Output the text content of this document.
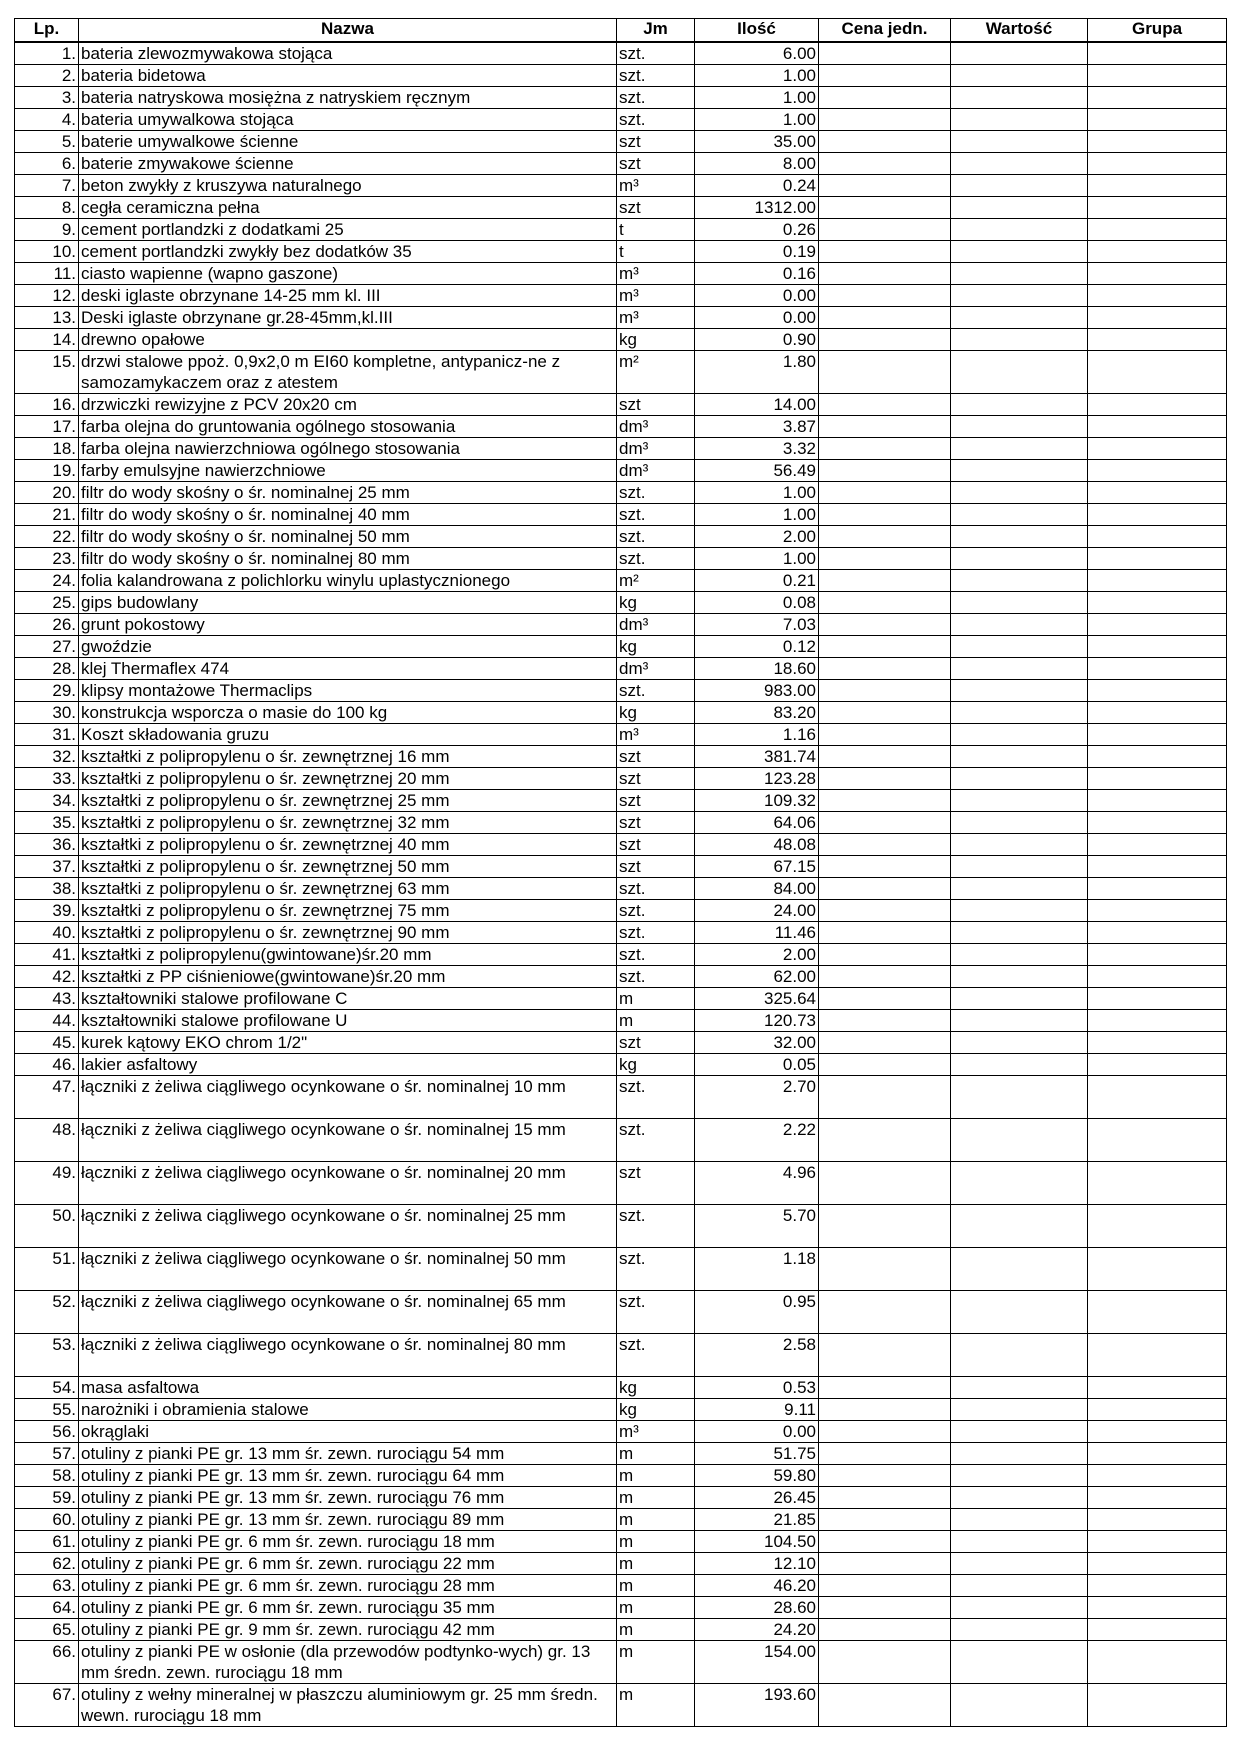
Lp.	Nazwa	Jm	Ilość	Cena jedn.	Wartość	Grupa
1.	bateria zlewozmywakowa stojąca	szt.	6.00			
2.	bateria bidetowa	szt.	1.00			
3.	bateria natryskowa mosiężna z natryskiem ręcznym	szt.	1.00			
4.	bateria umywalkowa stojąca	szt.	1.00			
5.	baterie umywalkowe ścienne	szt	35.00			
6.	baterie zmywakowe ścienne	szt	8.00			
7.	beton zwykły z kruszywa naturalnego	m³	0.24			
8.	cegła ceramiczna pełna	szt	1312.00			
9.	cement portlandzki z dodatkami 25	t	0.26			
10.	cement portlandzki zwykły bez dodatków 35	t	0.19			
11.	ciasto wapienne (wapno gaszone)	m³	0.16			
12.	deski iglaste obrzynane 14-25 mm kl. III	m³	0.00			
13.	Deski iglaste obrzynane gr.28-45mm,kl.III	m³	0.00			
14.	drewno opałowe	kg	0.90			
15.	drzwi stalowe ppoż. 0,9x2,0 m EI60 kompletne, antypanicz-ne z samozamykaczem oraz z atestem	m²	1.80			
16.	drzwiczki rewizyjne z PCV 20x20 cm	szt	14.00			
17.	farba olejna do gruntowania ogólnego stosowania	dm³	3.87			
18.	farba olejna nawierzchniowa ogólnego stosowania	dm³	3.32			
19.	farby emulsyjne nawierzchniowe	dm³	56.49			
20.	filtr do wody skośny o śr. nominalnej 25 mm	szt.	1.00			
21.	filtr do wody skośny o śr. nominalnej 40 mm	szt.	1.00			
22.	filtr do wody skośny o śr. nominalnej 50 mm	szt.	2.00			
23.	filtr do wody skośny o śr. nominalnej 80 mm	szt.	1.00			
24.	folia kalandrowana z polichlorku winylu uplastycznionego	m²	0.21			
25.	gips budowlany	kg	0.08			
26.	grunt pokostowy	dm³	7.03			
27.	gwoździe	kg	0.12			
28.	klej Thermaflex 474	dm³	18.60			
29.	klipsy montażowe Thermaclips	szt.	983.00			
30.	konstrukcja wsporcza o masie do 100 kg	kg	83.20			
31.	Koszt składowania gruzu	m³	1.16			
32.	kształtki z polipropylenu o śr. zewnętrznej 16 mm	szt	381.74			
33.	kształtki z polipropylenu o śr. zewnętrznej 20 mm	szt	123.28			
34.	kształtki z polipropylenu o śr. zewnętrznej 25 mm	szt	109.32			
35.	kształtki z polipropylenu o śr. zewnętrznej 32 mm	szt	64.06			
36.	kształtki z polipropylenu o śr. zewnętrznej 40 mm	szt	48.08			
37.	kształtki z polipropylenu o śr. zewnętrznej 50 mm	szt	67.15			
38.	kształtki z polipropylenu o śr. zewnętrznej 63 mm	szt.	84.00			
39.	kształtki z polipropylenu o śr. zewnętrznej 75 mm	szt.	24.00			
40.	kształtki z polipropylenu o śr. zewnętrznej 90 mm	szt.	11.46			
41.	kształtki z polipropylenu(gwintowane)śr.20 mm	szt.	2.00			
42.	kształtki z PP ciśnieniowe(gwintowane)śr.20 mm	szt.	62.00			
43.	kształtowniki stalowe profilowane C	m	325.64			
44.	kształtowniki stalowe profilowane U	m	120.73			
45.	kurek kątowy EKO chrom 1/2"	szt	32.00			
46.	lakier asfaltowy	kg	0.05			
47.	łączniki z żeliwa ciągliwego ocynkowane o śr. nominalnej 10 mm	szt.	2.70			
48.	łączniki z żeliwa ciągliwego ocynkowane o śr. nominalnej 15 mm	szt.	2.22			
49.	łączniki z żeliwa ciągliwego ocynkowane o śr. nominalnej 20 mm	szt	4.96			
50.	łączniki z żeliwa ciągliwego ocynkowane o śr. nominalnej 25 mm	szt.	5.70			
51.	łączniki z żeliwa ciągliwego ocynkowane o śr. nominalnej 50 mm	szt.	1.18			
52.	łączniki z żeliwa ciągliwego ocynkowane o śr. nominalnej 65 mm	szt.	0.95			
53.	łączniki z żeliwa ciągliwego ocynkowane o śr. nominalnej 80 mm	szt.	2.58			
54.	masa asfaltowa	kg	0.53			
55.	narożniki i obramienia stalowe	kg	9.11			
56.	okrąglaki	m³	0.00			
57.	otuliny z pianki PE gr. 13 mm śr. zewn. rurociągu 54 mm	m	51.75			
58.	otuliny z pianki PE gr. 13 mm śr. zewn. rurociągu 64 mm	m	59.80			
59.	otuliny z pianki PE gr. 13 mm śr. zewn. rurociągu 76 mm	m	26.45			
60.	otuliny z pianki PE gr. 13 mm śr. zewn. rurociągu 89 mm	m	21.85			
61.	otuliny z pianki PE gr. 6 mm śr. zewn. rurociągu 18 mm	m	104.50			
62.	otuliny z pianki PE gr. 6 mm śr. zewn. rurociągu 22 mm	m	12.10			
63.	otuliny z pianki PE gr. 6 mm śr. zewn. rurociągu 28 mm	m	46.20			
64.	otuliny z pianki PE gr. 6 mm śr. zewn. rurociągu 35 mm	m	28.60			
65.	otuliny z pianki PE gr. 9 mm śr. zewn. rurociągu 42 mm	m	24.20			
66.	otuliny z pianki PE w osłonie (dla przewodów podtynko-wych) gr. 13 mm średn. zewn. rurociągu 18 mm	m	154.00			
67.	otuliny z wełny mineralnej w płaszczu aluminiowym gr. 25 mm średn. wewn. rurociągu 18 mm	m	193.60			
